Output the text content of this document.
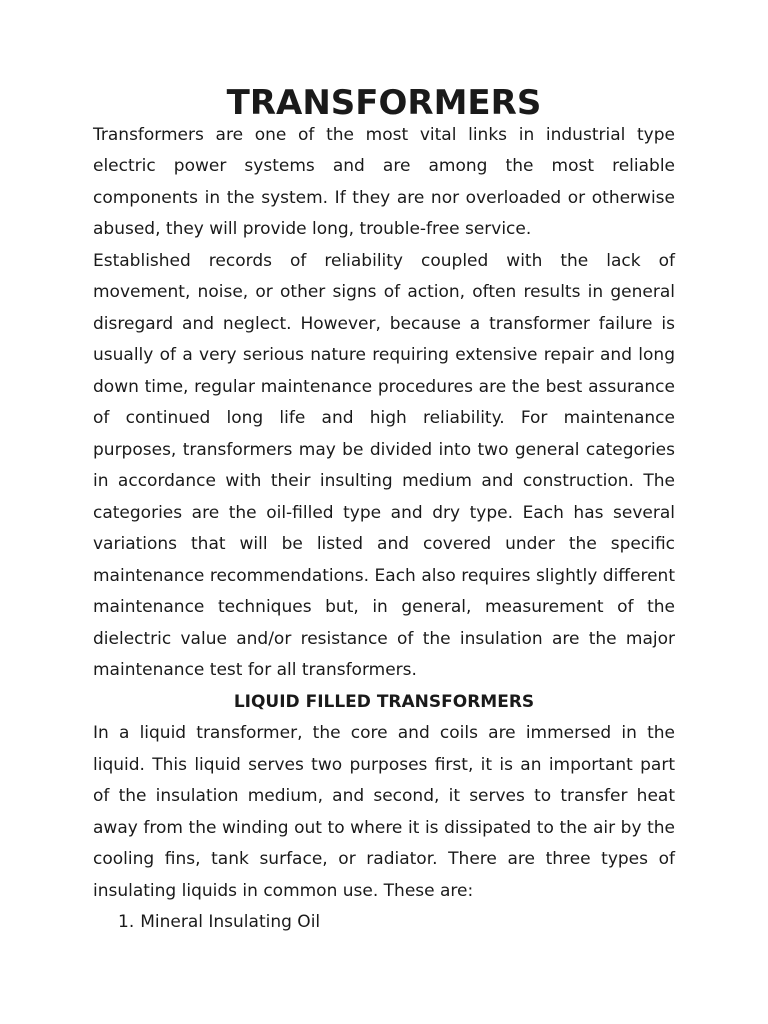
TRANSFORMERS

Transformers are one of the most vital links in industrial type electric power systems and are among the most reliable components in the system. If they are nor overloaded or otherwise abused, they will provide long, trouble-free service.

Established records of reliability coupled with the lack of movement, noise, or other signs of action, often results in general disregard and neglect. However, because a transformer failure is usually of a very serious nature requiring extensive repair and long down time, regular maintenance procedures are the best assurance of continued long life and high reliability. For maintenance purposes, transformers may be divided into two general categories in accordance with their insulting medium and construction. The categories are the oil-filled type and dry type. Each has several variations that will be listed and covered under the specific maintenance recommendations. Each also requires slightly different maintenance techniques but, in general, measurement of the dielectric value and/or resistance of the insulation are the major maintenance test for all transformers.

LIQUID FILLED TRANSFORMERS

In a liquid transformer, the core and coils are immersed in the liquid. This liquid serves two purposes first, it is an important part of the insulation medium, and second, it serves to transfer heat away from the winding out to where it is dissipated to the air by the cooling fins, tank surface, or radiator. There are three types of insulating liquids in common use. These are:

1. Mineral Insulating Oil
